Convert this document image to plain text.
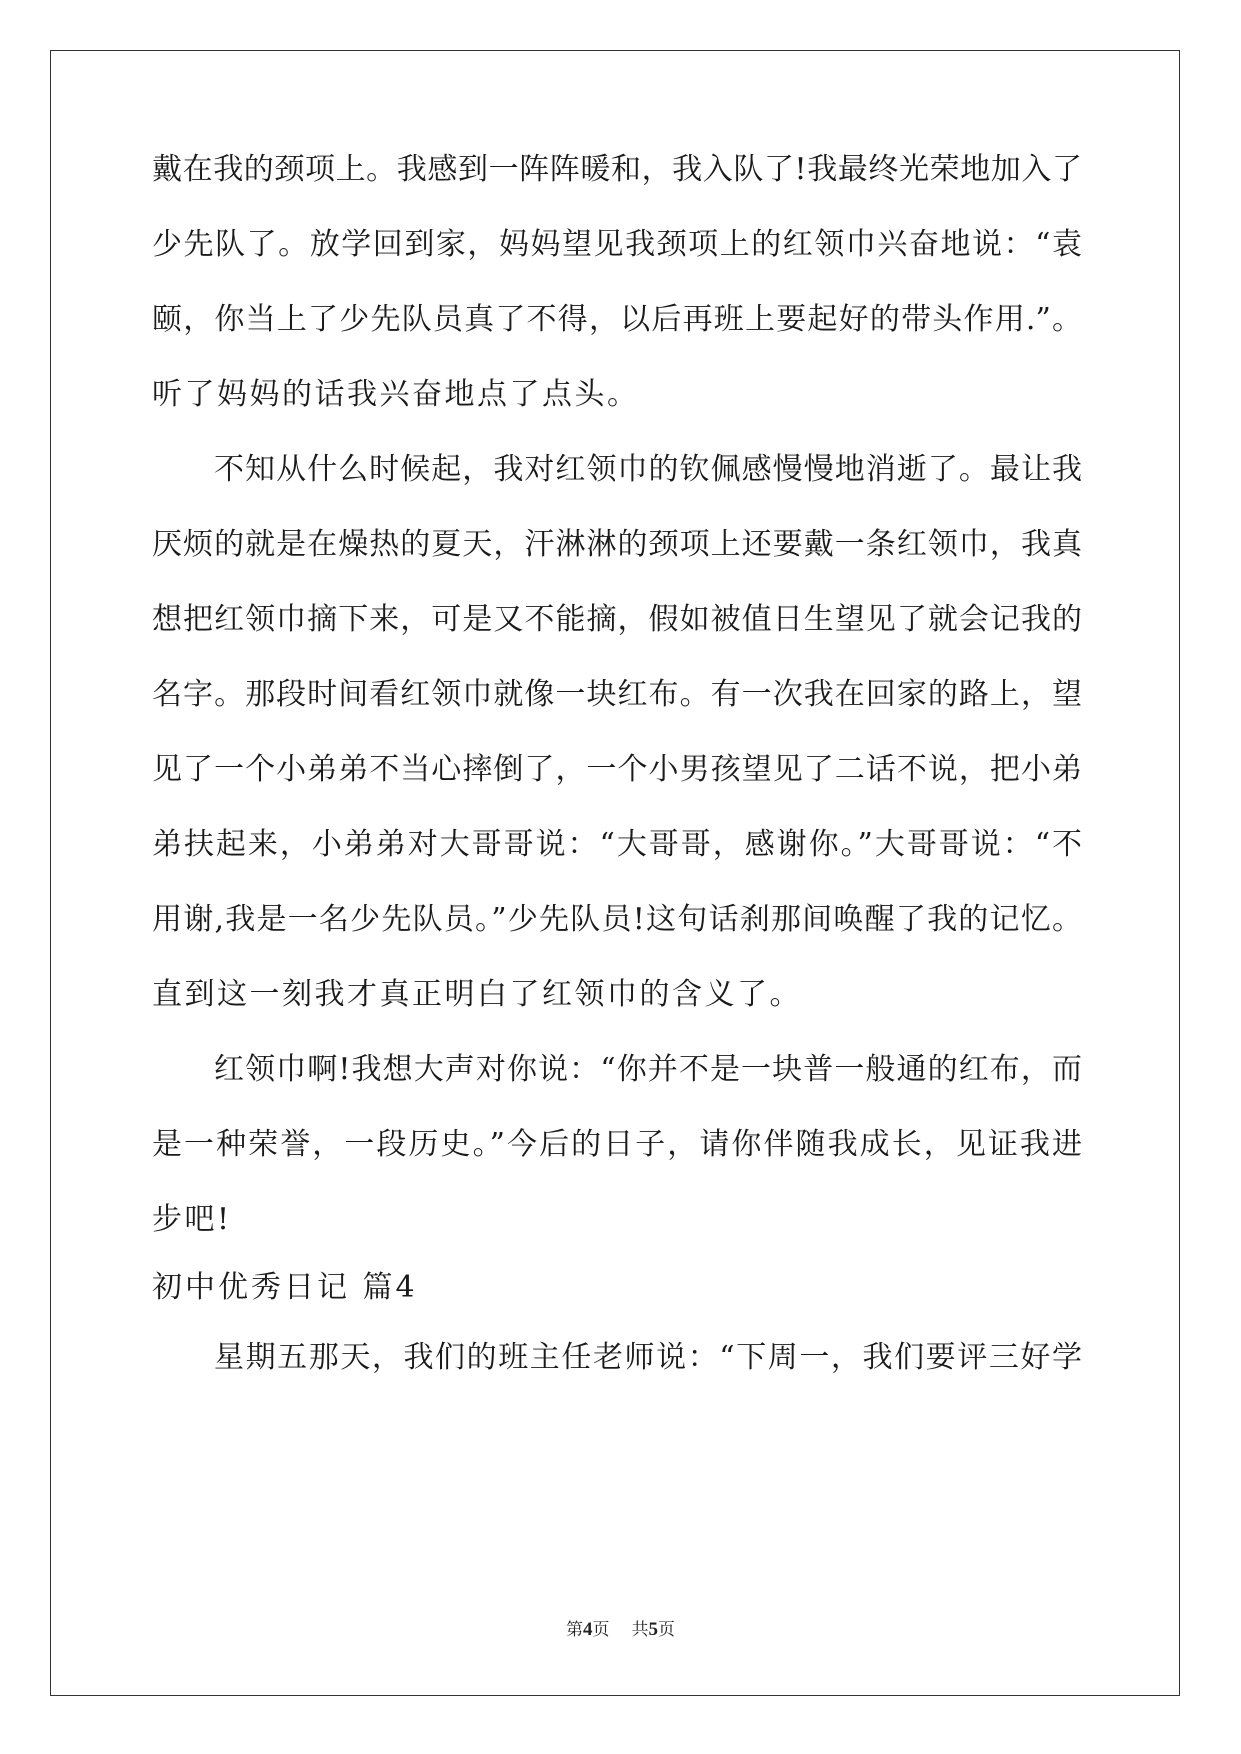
戴在我的颈项上。我感到一阵阵暖和，我入队了!我最终光荣地加入了
少先队了。放学回到家，妈妈望见我颈项上的红领巾兴奋地说：“袁
颐，你当上了少先队员真了不得，以后再班上要起好的带头作用.”。
听了妈妈的话我兴奋地点了点头。
不知从什么时候起，我对红领巾的钦佩感慢慢地消逝了。最让我
厌烦的就是在燥热的夏天，汗淋淋的颈项上还要戴一条红领巾，我真
想把红领巾摘下来，可是又不能摘，假如被值日生望见了就会记我的
名字。那段时间看红领巾就像一块红布。有一次我在回家的路上，望
见了一个小弟弟不当心摔倒了，一个小男孩望见了二话不说，把小弟
弟扶起来，小弟弟对大哥哥说：“大哥哥，感谢你。”大哥哥说：“不
用谢,我是一名少先队员。”少先队员!这句话刹那间唤醒了我的记忆。
直到这一刻我才真正明白了红领巾的含义了。
红领巾啊!我想大声对你说：“你并不是一块普一般通的红布，而
是一种荣誉，一段历史。”今后的日子，请你伴随我成长，见证我进
步吧!
初中优秀日记 篇4
星期五那天，我们的班主任老师说：“下周一，我们要评三好学
第4页 共5页
